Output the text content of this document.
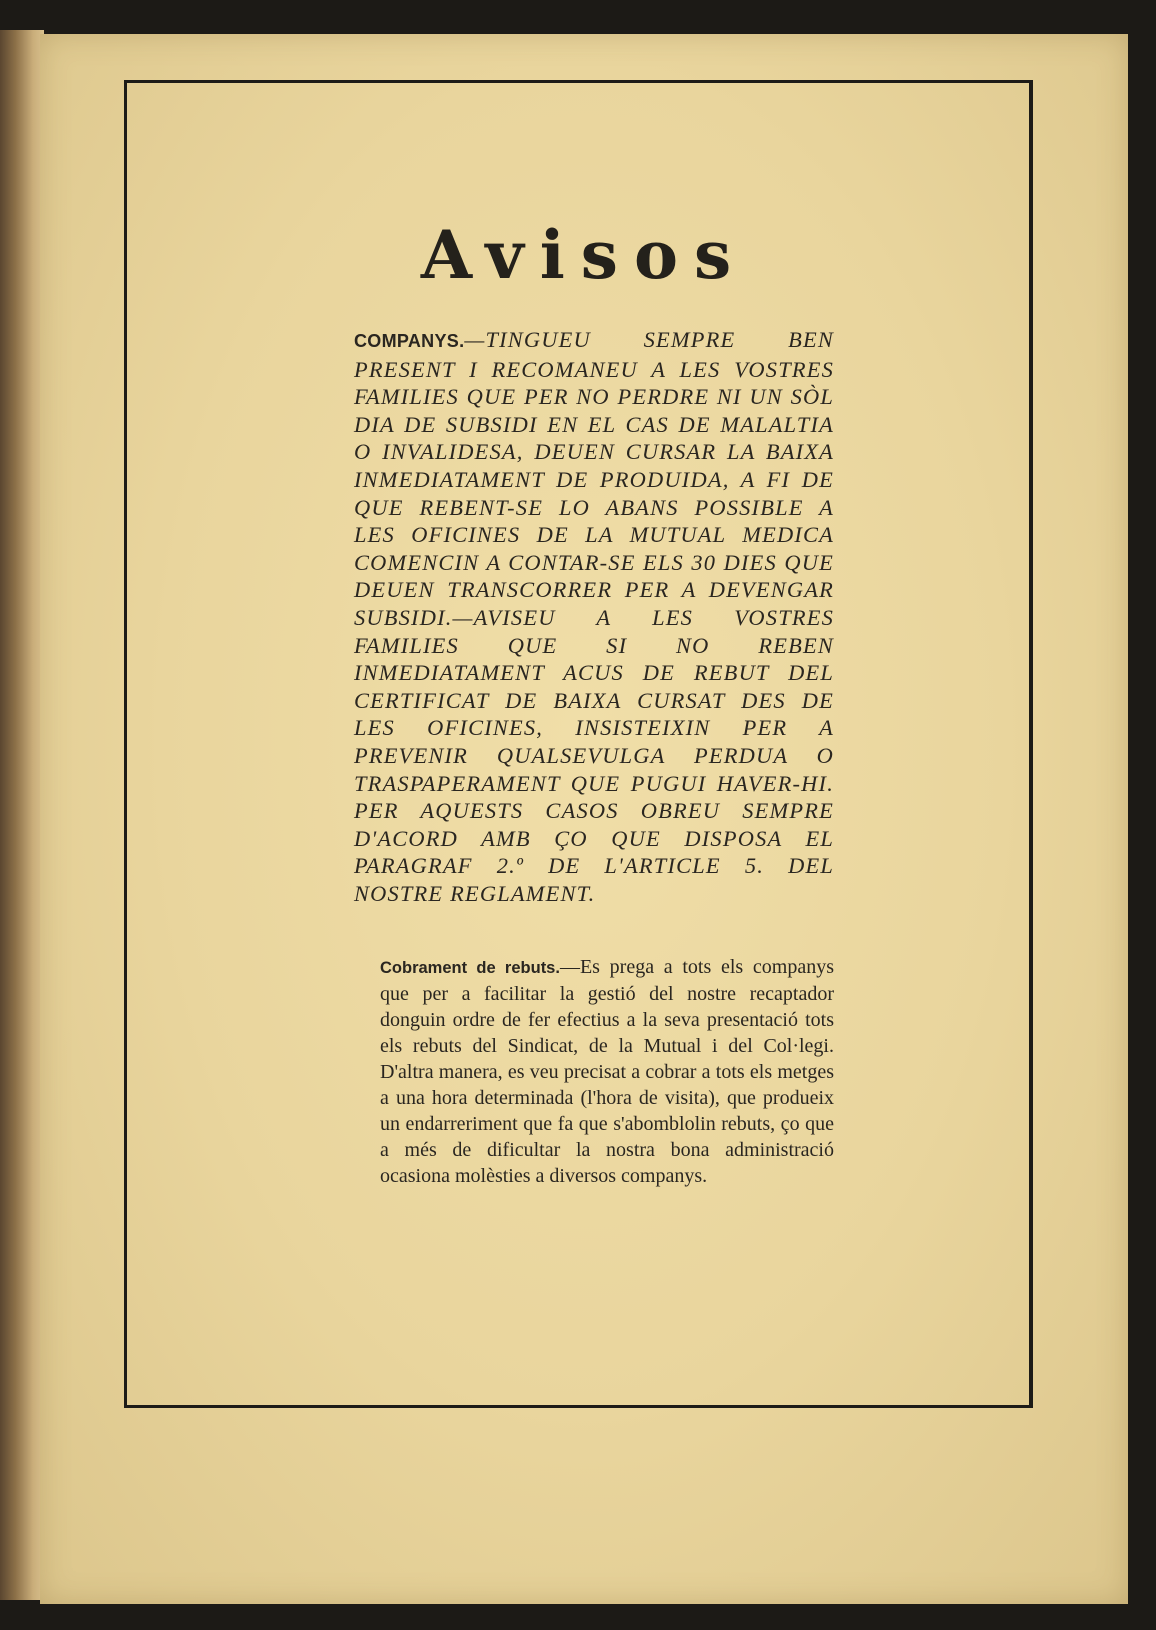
Avisos

COMPANYS.—TINGUEU SEMPRE BEN PRESENT I RECOMANEU A LES VOSTRES FAMILIES QUE PER NO PERDRE NI UN SÒL DIA DE SUBSIDI EN EL CAS DE MALALTIA O INVALIDESA, DEUEN CURSAR LA BAIXA INMEDIATAMENT DE PRODUIDA, A FI DE QUE REBENT-SE LO ABANS POSSIBLE A LES OFICINES DE LA MUTUAL MEDICA COMENCIN A CONTAR-SE ELS 30 DIES QUE DEUEN TRANSCORRER PER A DEVENGAR SUBSIDI.—AVISEU A LES VOSTRES FAMILIES QUE SI NO REBEN INMEDIATAMENT ACUS DE REBUT DEL CERTIFICAT DE BAIXA CURSAT DES DE LES OFICINES, INSISTEIXIN PER A PREVENIR QUALSEVULGA PERDUA O TRASPAPERAMENT QUE PUGUI HAVER-HI. PER AQUESTS CASOS OBREU SEMPRE D'ACORD AMB ÇO QUE DISPOSA EL PARAGRAF 2.º DE L'ARTICLE 5. DEL NOSTRE REGLAMENT.

Cobrament de rebuts.—Es prega a tots els companys que per a facilitar la gestió del nostre recaptador donguin ordre de fer efectius a la seva presentació tots els rebuts del Sindicat, de la Mutual i del Col·legi. D'altra manera, es veu precisat a cobrar a tots els metges a una hora determinada (l'hora de visita), que produeix un endarreriment que fa que s'abomblolin rebuts, ço que a més de dificultar la nostra bona administració ocasiona molèsties a diversos companys.
